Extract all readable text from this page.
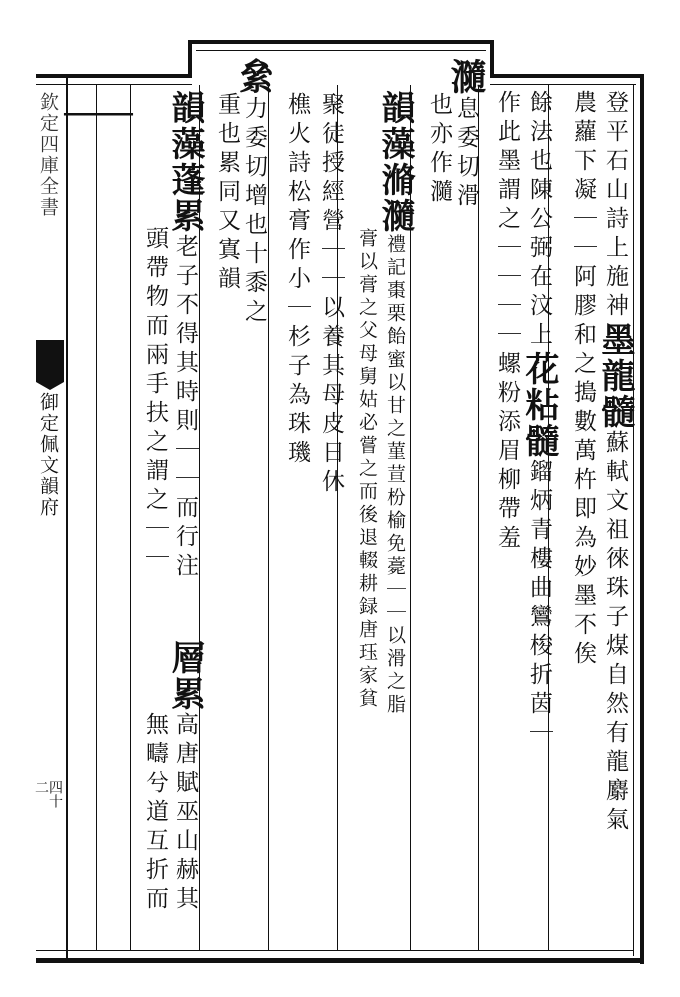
欽定四庫全書
御定佩文韻府
四十二
登平石山詩上施神墨龍髓蘇軾文祖徠珠子煤自然有龍麝氣
農蘿下凝｜｜阿膠和之搗數萬杵即為妙墨不俟
餘法也陳公弼在汶上花粘髓鎦炳青樓曲鸞梭折茵｜
作此墨謂之｜｜｜｜螺粉添眉柳帶羞
瀡息委切滑
也亦作瀡
韻藻滫瀡禮記棗栗飴蜜以甘之菫荁枌榆免薧｜｜以滑之脂
膏以膏之父母舅姑必嘗之而後退輟耕録唐珏家貧
聚徒授經營｜｜以養其母皮日休
樵火詩松膏作小｜杉子為珠璣
絫力委切增也十黍之
重也累同又寘韻
韻藻蓬累老子不得其時則｜｜而行注
頭帶物而兩手扶之謂之｜｜
層累高唐賦巫山赫其
無疇兮道互折而
｜
｜
